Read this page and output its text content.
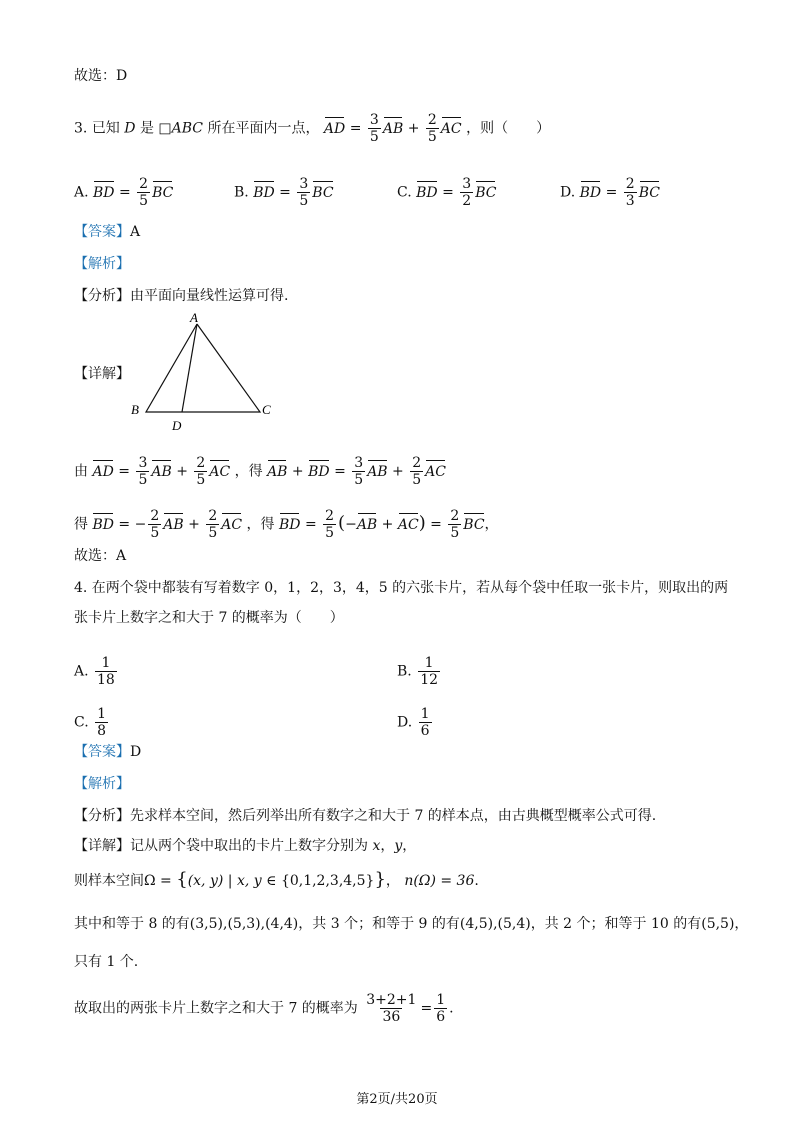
故选：D
3. 已知 D 是 □ABC 所在平面内一点， AD = $\frac{3}{5}$ AB + $\frac{2}{5}$ AC ，则（　　）
A. BD = $\frac{2}{5}$ BC	B. BD = $\frac{3}{5}$ BC	C. BD = $\frac{3}{2}$ BC	D. BD = $\frac{2}{3}$ BC
【答案】A
【解析】
【分析】由平面向量线性运算可得.
【详解】
A
B	C
D
由 AD = $\frac{3}{5}$ AB + $\frac{2}{5}$ AC ，得 AB + BD = $\frac{3}{5}$ AB + $\frac{2}{5}$ AC
得 BD = − $\frac{2}{5}$ AB + $\frac{2}{5}$ AC ，得 BD = $\frac{2}{5} (-AB + AC) = \frac{2}{5}$ BC，
故选：A
4. 在两个袋中都装有写着数字 0，1，2，3，4，5 的六张卡片，若从每个袋中任取一张卡片，则取出的两
张卡片上数字之和大于 7 的概率为（　　）
A. $\frac{1}{18}$	B. $\frac{1}{12}$
C. $\frac{1}{8}$	D. $\frac{1}{6}$
【答案】D
【解析】
【分析】先求样本空间，然后列举出所有数字之和大于 7 的样本点，由古典概型概率公式可得.
【详解】记从两个袋中取出的卡片上数字分别为 x，y，
则样本空间Ω = {(x, y) | x, y ∈ {0,1,2,3,4,5}}， n(Ω) = 36.
其中和等于 8 的有(3,5),(5,3),(4,4)，共 3 个；和等于 9 的有(4,5),(5,4)，共 2 个；和等于 10 的有(5,5)，
只有 1 个.
故取出的两张卡片上数字之和大于 7 的概率为 $\frac{3+2+1}{36} = \frac{1}{6}$ .
第2页/共20页
